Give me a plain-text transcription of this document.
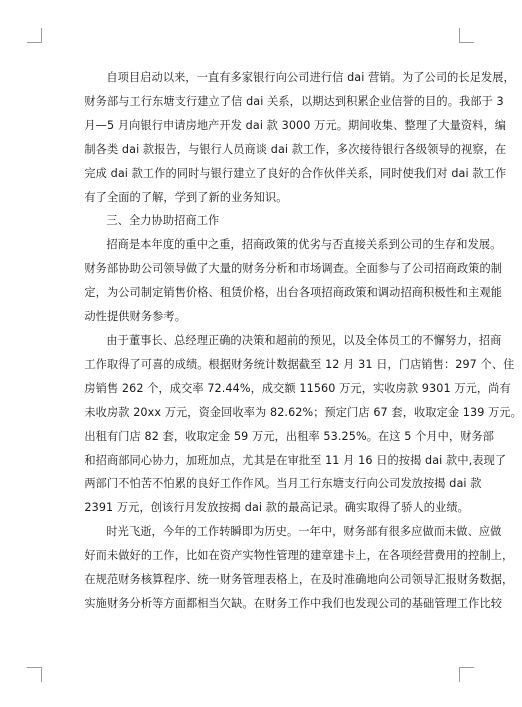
自项目启动以来，一直有多家银行向公司进行信 dai 营销。为了公司的长足发展，
财务部与工行东塘支行建立了信 dai 关系，以期达到积累企业信誉的目的。我部于 3
月—5 月向银行申请房地产开发 dai 款 3000 万元。期间收集、整理了大量资料，编
制各类 dai 款报告，与银行人员商谈 dai 款工作，多次接待银行各级领导的视察，在
完成 dai 款工作的同时与银行建立了良好的合作伙伴关系，同时使我们对 dai 款工作
有了全面的了解，学到了新的业务知识。
三、全力协助招商工作
招商是本年度的重中之重，招商政策的优劣与否直接关系到公司的生存和发展。
财务部协助公司领导做了大量的财务分析和市场调查。全面参与了公司招商政策的制
定，为公司制定销售价格、租赁价格，出台各项招商政策和调动招商积极性和主观能
动性提供财务参考。
由于董事长、总经理正确的决策和超前的预见，以及全体员工的不懈努力，招商
工作取得了可喜的成绩。根据财务统计数据截至 12 月 31 日，门店销售：297 个、住
房销售 262 个，成交率 72.44%，成交额 11560 万元，实收房款 9301 万元，尚有
未收房款 20xx 万元，资金回收率为 82.62%；预定门店 67 套，收取定金 139 万元。
出租有门店 82 套，收取定金 59 万元，出租率 53.25%。在这 5 个月中，财务部
和招商部同心协力，加班加点，尤其是在审批至 11 月 16 日的按揭 dai 款中,表现了
两部门不怕苦不怕累的良好工作作风。当月工行东塘支行向公司发放按揭 dai 款
2391 万元，创该行月发放按揭 dai 款的最高记录。确实取得了骄人的业绩。
时光飞逝，今年的工作转瞬即为历史。一年中，财务部有很多应做而未做、应做
好而未做好的工作，比如在资产实物性管理的建章建卡上，在各项经营费用的控制上，
在规范财务核算程序、统一财务管理表格上，在及时准确地向公司领导汇报财务数据，
实施财务分析等方面都相当欠缺。在财务工作中我们也发现公司的基础管理工作比较
